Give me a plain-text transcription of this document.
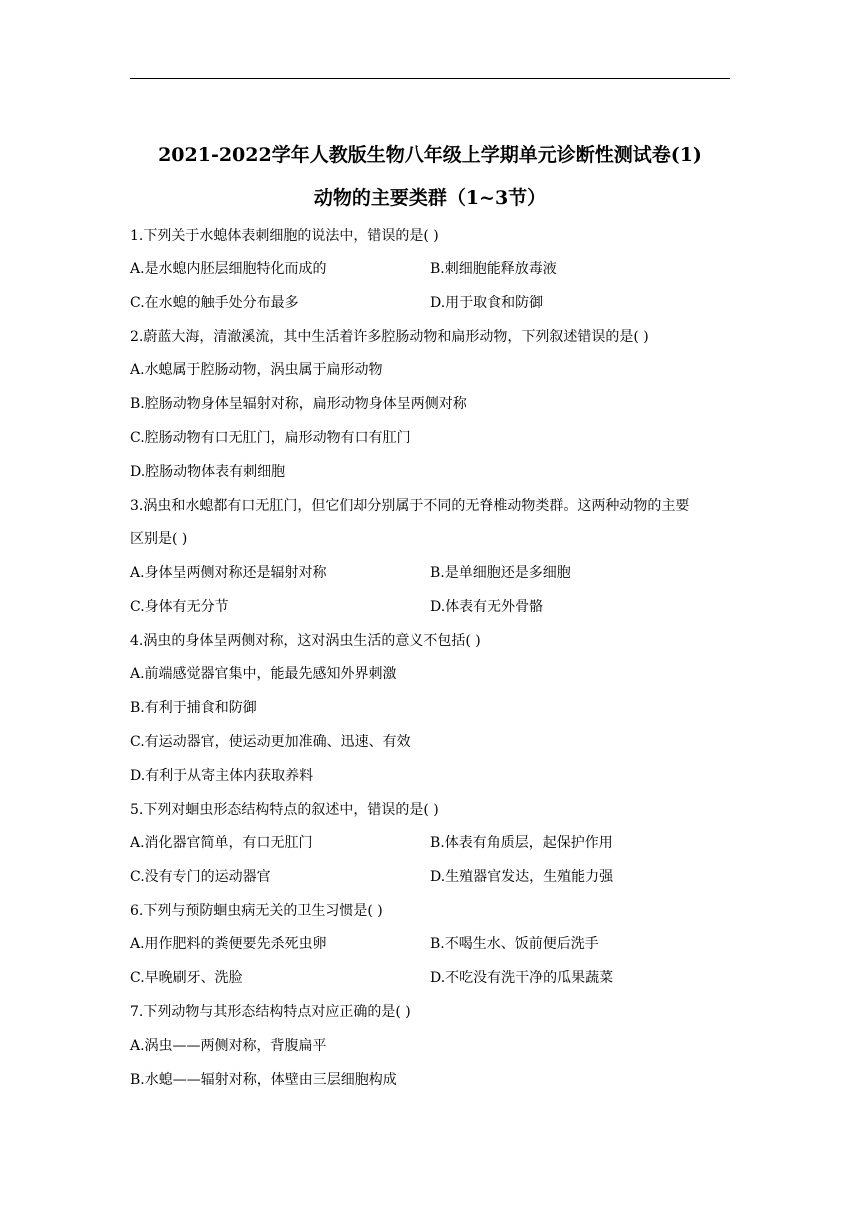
2021-2022学年人教版生物八年级上学期单元诊断性测试卷(1)
动物的主要类群（1~3节）
1.下列关于水螅体表刺细胞的说法中，错误的是( )
A.是水螅内胚层细胞特化而成的	B.刺细胞能释放毒液
C.在水螅的触手处分布最多	D.用于取食和防御
2.蔚蓝大海，清澈溪流，其中生活着许多腔肠动物和扁形动物，下列叙述错误的是( )
A.水螅属于腔肠动物，涡虫属于扁形动物
B.腔肠动物身体呈辐射对称，扁形动物身体呈两侧对称
C.腔肠动物有口无肛门，扁形动物有口有肛门
D.腔肠动物体表有刺细胞
3.涡虫和水螅都有口无肛门，但它们却分别属于不同的无脊椎动物类群。这两种动物的主要
区别是( )
A.身体呈两侧对称还是辐射对称	B.是单细胞还是多细胞
C.身体有无分节	D.体表有无外骨骼
4.涡虫的身体呈两侧对称，这对涡虫生活的意义不包括( )
A.前端感觉器官集中，能最先感知外界刺激
B.有利于捕食和防御
C.有运动器官，使运动更加准确、迅速、有效
D.有利于从寄主体内获取养料
5.下列对蛔虫形态结构特点的叙述中，错误的是( )
A.消化器官简单，有口无肛门	B.体表有角质层，起保护作用
C.没有专门的运动器官	D.生殖器官发达，生殖能力强
6.下列与预防蛔虫病无关的卫生习惯是( )
A.用作肥料的粪便要先杀死虫卵	B.不喝生水、饭前便后洗手
C.早晚刷牙、洗脸	D.不吃没有洗干净的瓜果蔬菜
7.下列动物与其形态结构特点对应正确的是( )
A.涡虫——两侧对称，背腹扁平
B.水螅——辐射对称，体壁由三层细胞构成
